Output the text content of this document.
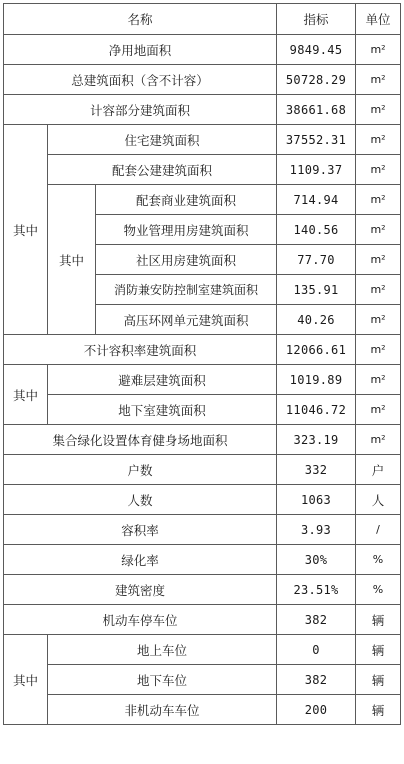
名称			指标	单位
净用地面积			9849.45	m²
总建筑面积（含不计容）			50728.29	m²
计容部分建筑面积			38661.68	m²
其中	住宅建筑面积		37552.31	m²
	配套公建建筑面积		1109.37	m²
	其中	配套商业建筑面积	714.94	m²
		物业管理用房建筑面积	140.56	m²
		社区用房建筑面积	77.70	m²
		消防兼安防控制室建筑面积	135.91	m²
		高压环网单元建筑面积	40.26	m²
不计容积率建筑面积			12066.61	m²
其中	避难层建筑面积		1019.89	m²
	地下室建筑面积		11046.72	m²
集合绿化设置体育健身场地面积			323.19	m²
户数			332	户
人数			1063	人
容积率			3.93	/
绿化率			30%	%
建筑密度			23.51%	%
机动车停车位			382	辆
其中	地上车位		0	辆
	地下车位		382	辆
	非机动车车位		200	辆
